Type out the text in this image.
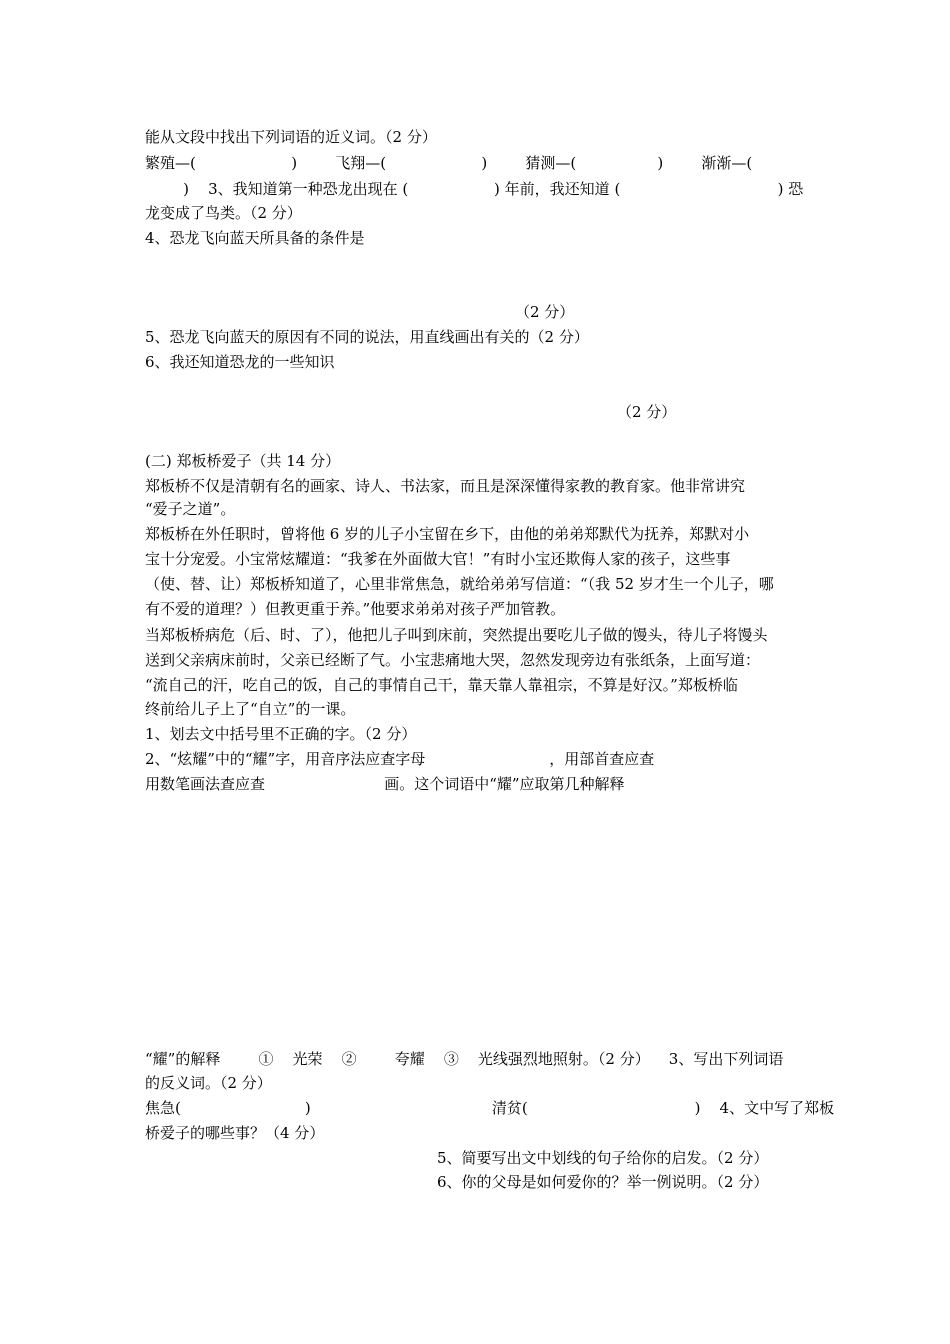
能从文段中找出下列词语的近义词。（2 分）
繁殖—(                    )        飞翔—(                    )        猜测—(                 )        渐渐—(
)    3、我知道第一种恐龙出现在 (                  ) 年前，我还知道 (                                 ) 恐
龙变成了鸟类。（2 分）
4、恐龙飞向蓝天所具备的条件是
（2 分）
5、恐龙飞向蓝天的原因有不同的说法，用直线画出有关的（2 分）
6、我还知道恐龙的一些知识
（2 分）
(二) 郑板桥爱子（共 14 分）
郑板桥不仅是清朝有名的画家、诗人、书法家，而且是深深懂得家教的教育家。他非常讲究
“爱子之道”。
郑板桥在外任职时，曾将他 6 岁的儿子小宝留在乡下，由他的弟弟郑默代为抚养，郑默对小
宝十分宠爱。小宝常炫耀道：“我爹在外面做大官！”有时小宝还欺侮人家的孩子，这些事
（使、替、让）郑板桥知道了，心里非常焦急，就给弟弟写信道：“（我 52 岁才生一个儿子，哪
有不爱的道理？）但教更重于养。”他要求弟弟对孩子严加管教。
当郑板桥病危（后、时、了），他把儿子叫到床前，突然提出要吃儿子做的馒头，待儿子将馒头
送到父亲病床前时，父亲已经断了气。小宝悲痛地大哭，忽然发现旁边有张纸条，上面写道：
“流自己的汗，吃自己的饭，自己的事情自己干，靠天靠人靠祖宗，不算是好汉。”郑板桥临
终前给儿子上了“自立”的一课。
1、划去文中括号里不正确的字。（2 分）
2、“炫耀”中的“耀”字，用音序法应查字母                          ，用部首查应查
用数笔画法查应查                         画。这个词语中“耀”应取第几种解释
“耀”的解释        ①    光荣    ②        夸耀    ③    光线强烈地照射。（2 分）    3、写出下列词语
的反义词。（2 分）
焦急(                          )                                      清贫(                                   )    4、文中写了郑板
桥爱子的哪些事？（4 分）
5、简要写出文中划线的句子给你的启发。（2 分）
6、你的父母是如何爱你的？举一例说明。（2 分）
